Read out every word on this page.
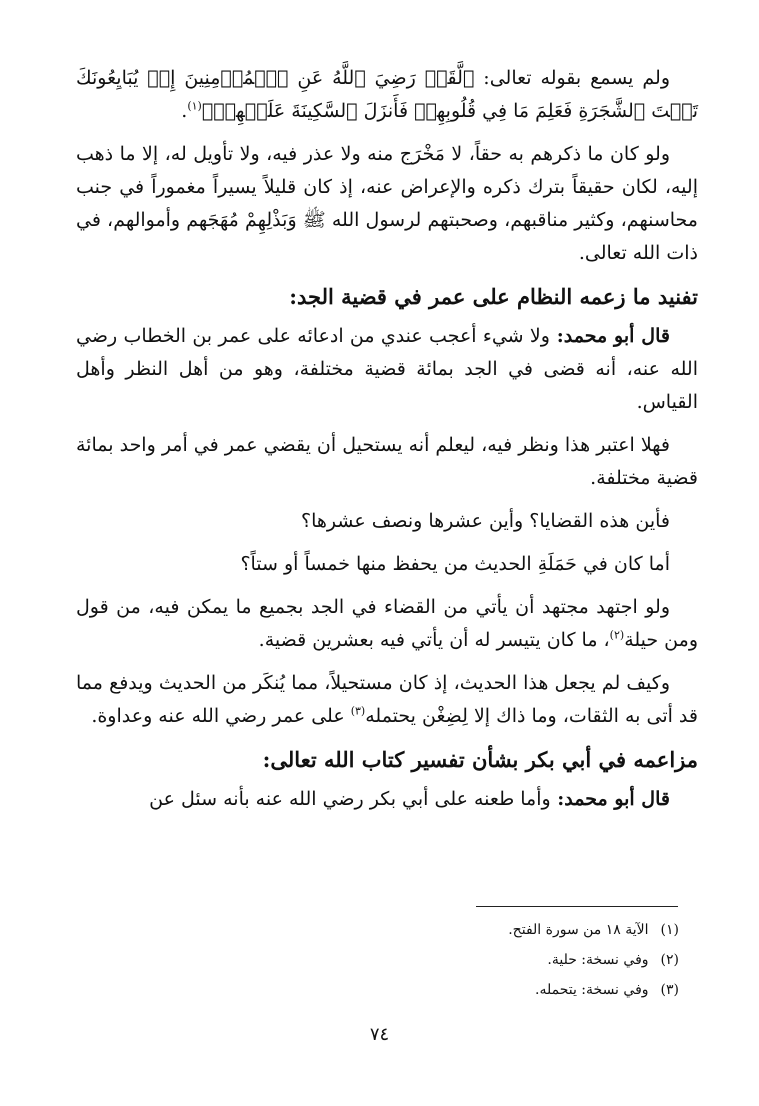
ولم يسمع بقوله تعالى: ﴿لَّقَدۡ رَضِيَ ٱللَّهُ عَنِ ٱلۡمُؤۡمِنِينَ إِذۡ يُبَايِعُونَكَ تَحۡتَ ٱلشَّجَرَةِ فَعَلِمَ مَا فِي قُلُوبِهِمۡ فَأَنزَلَ ٱلسَّكِينَةَ عَلَيۡهِمۡ﴾$^{(١)}$.

ولو كان ما ذكرهم به حقاً، لا مَخْرَج منه ولا عذر فيه، ولا تأويل له، إلا ما ذهب إليه، لكان حقيقاً بترك ذكره والإعراض عنه، إذ كان قليلاً يسيراً مغموراً في جنب محاسنهم، وكثير مناقبهم، وصحبتهم لرسول الله ﷺ وَبَذْلِهِمْ مُهَجَهم وأموالهم، في ذات الله تعالى.

تفنيد ما زعمه النظام على عمر في قضية الجد:

قال أبو محمد: ولا شيء أعجب عندي من ادعائه على عمر بن الخطاب رضي الله عنه، أنه قضى في الجد بمائة قضية مختلفة، وهو من أهل النظر وأهل القياس.

فهلا اعتبر هذا ونظر فيه، ليعلم أنه يستحيل أن يقضي عمر في أمر واحد بمائة قضية مختلفة.

فأين هذه القضايا؟ وأين عشرها ونصف عشرها؟

أما كان في حَمَلَةِ الحديث من يحفظ منها خمساً أو ستاً؟

ولو اجتهد مجتهد أن يأتي من القضاء في الجد بجميع ما يمكن فيه، من قول ومن حيلة$^{(٢)}$، ما كان يتيسر له أن يأتي فيه بعشرين قضية.

وكيف لم يجعل هذا الحديث، إذ كان مستحيلاً، مما يُنكَر من الحديث ويدفع مما قد أتى به الثقات، وما ذاك إلا لِضِغْن يحتمله$^{(٣)}$ على عمر رضي الله عنه وعداوة.

مزاعمه في أبي بكر بشأن تفسير كتاب الله تعالى:

قال أبو محمد: وأما طعنه على أبي بكر رضي الله عنه بأنه سئل عن

(١)الآية ١٨ من سورة الفتح.
(٢)وفي نسخة: حلية.
(٣)وفي نسخة: يتحمله.
٧٤
